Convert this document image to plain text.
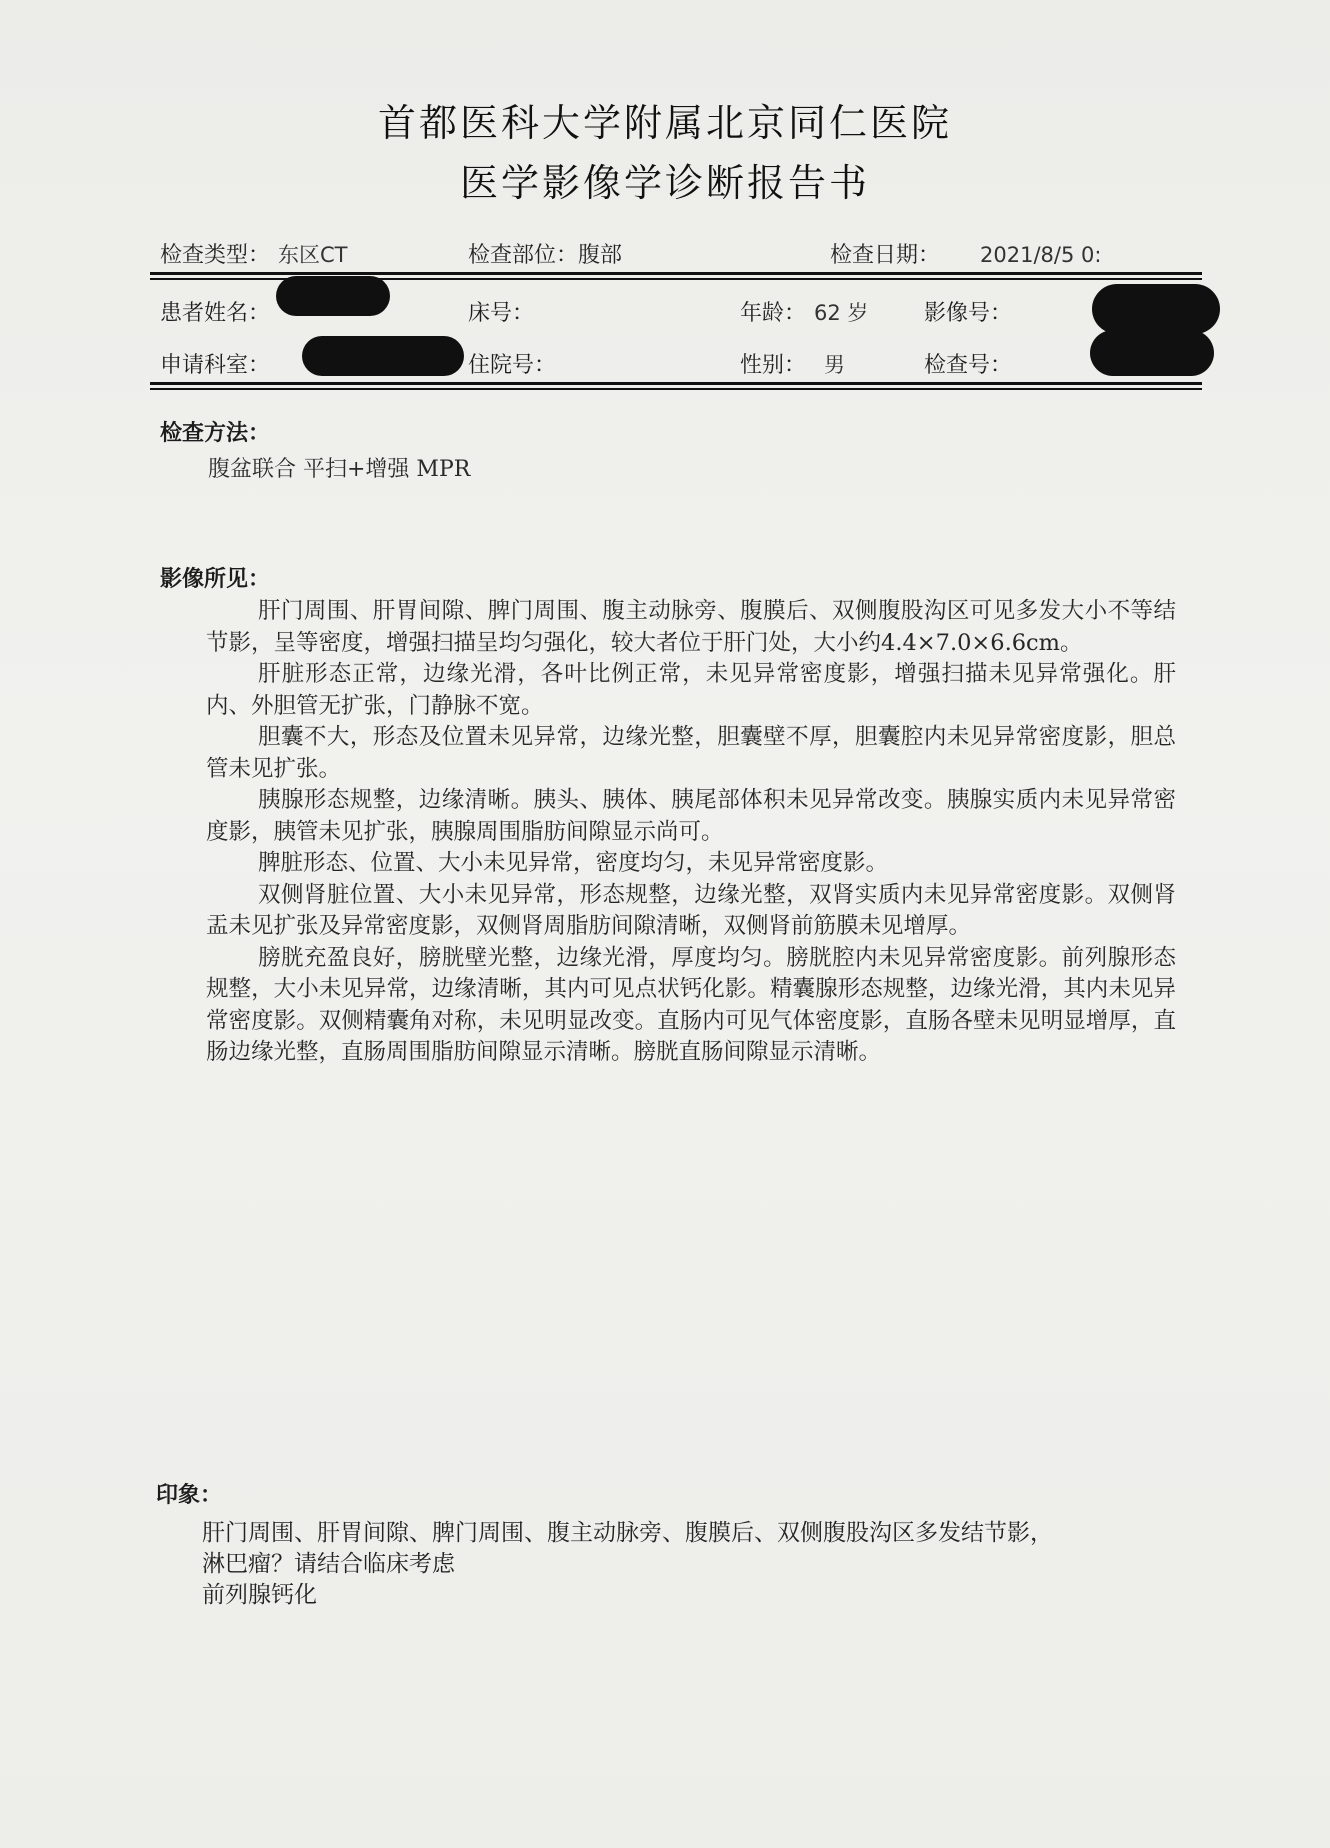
首都医科大学附属北京同仁医院
医学影像学诊断报告书
检查类型： 东区CT	检查部位：腹部	检查日期： 2021/8/5 0:
患者姓名：	床号：	年龄： 62 岁	影像号：
申请科室：	住院号：	性别： 男	检查号：
检查方法：
腹盆联合 平扫+增强 MPR
影像所见：

肝门周围、肝胃间隙、脾门周围、腹主动脉旁、腹膜后、双侧腹股沟区可见多发大小不等结节影，呈等密度，增强扫描呈均匀强化，较大者位于肝门处，大小约4.4×7.0×6.6cm。

肝脏形态正常，边缘光滑，各叶比例正常，未见异常密度影，增强扫描未见异常强化。肝内、外胆管无扩张，门静脉不宽。

胆囊不大，形态及位置未见异常，边缘光整，胆囊壁不厚，胆囊腔内未见异常密度影，胆总管未见扩张。

胰腺形态规整，边缘清晰。胰头、胰体、胰尾部体积未见异常改变。胰腺实质内未见异常密度影，胰管未见扩张，胰腺周围脂肪间隙显示尚可。

脾脏形态、位置、大小未见异常，密度均匀，未见异常密度影。

双侧肾脏位置、大小未见异常，形态规整，边缘光整，双肾实质内未见异常密度影。双侧肾盂未见扩张及异常密度影，双侧肾周脂肪间隙清晰，双侧肾前筋膜未见增厚。

膀胱充盈良好，膀胱壁光整，边缘光滑，厚度均匀。膀胱腔内未见异常密度影。前列腺形态规整，大小未见异常，边缘清晰，其内可见点状钙化影。精囊腺形态规整，边缘光滑，其内未见异常密度影。双侧精囊角对称，未见明显改变。直肠内可见气体密度影，直肠各壁未见明显增厚，直肠边缘光整，直肠周围脂肪间隙显示清晰。膀胱直肠间隙显示清晰。

印象：
肝门周围、肝胃间隙、脾门周围、腹主动脉旁、腹膜后、双侧腹股沟区多发结节影，
淋巴瘤？请结合临床考虑
前列腺钙化
